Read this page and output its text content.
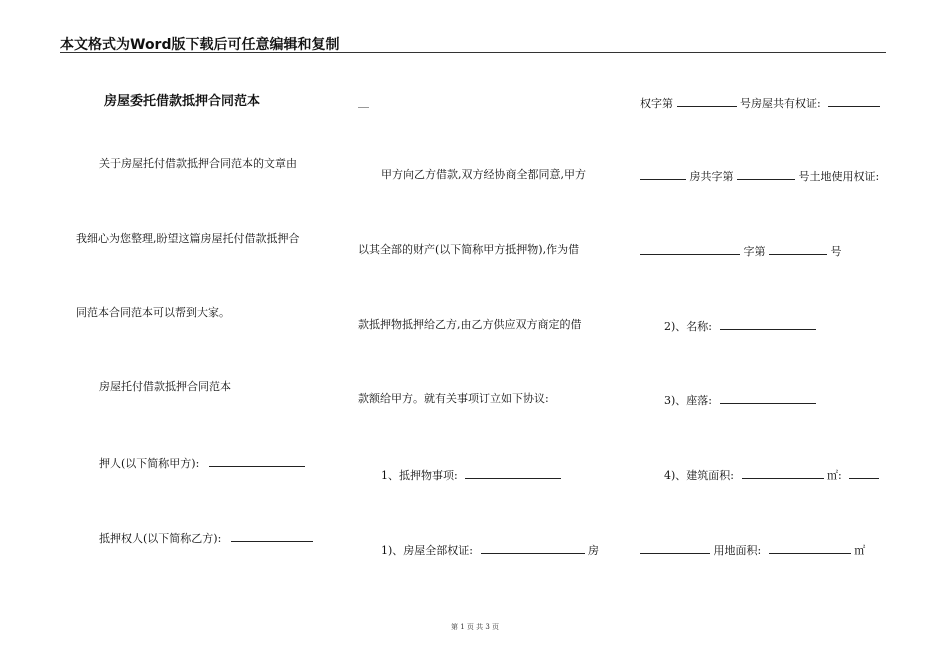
本文格式为Word版下载后可任意编辑和复制
房屋委托借款抵押合同范本
关于房屋托付借款抵押合同范本的文章由
我细心为您整理,盼望这篇房屋托付借款抵押合
同范本合同范本可以帮到大家。
房屋托付借款抵押合同范本
押人(以下简称甲方):
抵押权人(以下简称乙方):
__
甲方向乙方借款,双方经协商全都同意,甲方
以其全部的财产(以下简称甲方抵押物),作为借
款抵押物抵押给乙方,由乙方供应双方商定的借
款额给甲方。就有关事项订立如下协议:
1、抵押物事项:
1)、房屋全部权证:	房
权字第	号房屋共有权证:
房共字第	号土地使用权证:
字第	号
2)、名称:
3)、座落:
4)、建筑面积:	㎡:
用地面积:	㎡
第 1 页 共 3 页
